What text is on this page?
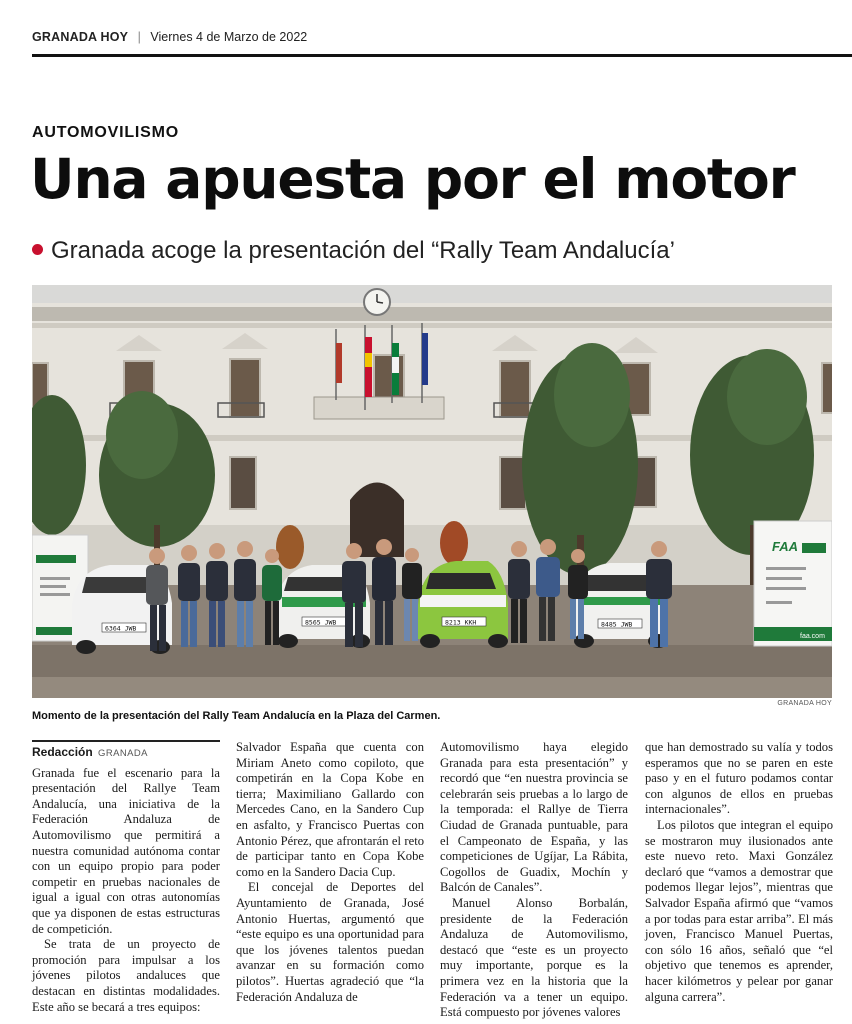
GRANADA HOY | Viernes 4 de Marzo de 2022
AUTOMOVILISMO
Una apuesta por el motor
Granada acoge la presentación del “Rally Team Andalucía’
FAA
faa.com
6364 JWB
8565 JWB	8213 KKH	8485 JWB
GRANADA HOY
Momento de la presentación del Rally Team Andalucía en la Plaza del Carmen.
Redacción GRANADA

Granada fue el escenario para la presentación del Rallye Team Andalucía, una iniciativa de la Federación Andaluza de Automovilismo que permitirá a nuestra comunidad autónoma contar con un equipo propio para poder competir en pruebas nacionales de igual a igual con otras autonomías que ya disponen de estas estructuras de competición.

Se trata de un proyecto de promoción para impulsar a los jóvenes pilotos andaluces que destacan en distintas modalidades. Este año se becará a tres equipos:

Salvador España que cuenta con Miriam Aneto como copiloto, que competirán en la Copa Kobe en tierra; Maximiliano Gallardo con Mercedes Cano, en la Sandero Cup en asfalto, y Francisco Puertas con Antonio Pérez, que afrontarán el reto de participar tanto en Copa Kobe como en la Sandero Dacia Cup.

El concejal de Deportes del Ayuntamiento de Granada, José Antonio Huertas, argumentó que “este equipo es una oportunidad para que los jóvenes talentos puedan avanzar en su formación como pilotos”. Huertas agradeció que “la Federación Andaluza de

Automovilismo haya elegido Granada para esta presentación” y recordó que “en nuestra provincia se celebrarán seis pruebas a lo largo de la temporada: el Rallye de Tierra Ciudad de Granada puntuable, para el Campeonato de España, y las competiciones de Ugíjar, La Rábita, Cogollos de Guadix, Mochín y Balcón de Canales”.

Manuel Alonso Borbalán, presidente de la Federación Andaluza de Automovilismo, destacó que “este es un proyecto muy importante, porque es la primera vez en la historia que la Federación va a tener un equipo. Está compuesto por jóvenes valores

que han demostrado su valía y todos esperamos que no se paren en este paso y en el futuro podamos contar con algunos de ellos en pruebas internacionales”.

Los pilotos que integran el equipo se mostraron muy ilusionados ante este nuevo reto. Maxi González declaró que “vamos a demostrar que podemos llegar lejos”, mientras que Salvador España afirmó que “vamos a por todas para estar arriba”. El más joven, Francisco Manuel Puertas, con sólo 16 años, señaló que “el objetivo que tenemos es aprender, hacer kilómetros y pelear por ganar alguna carrera”.
